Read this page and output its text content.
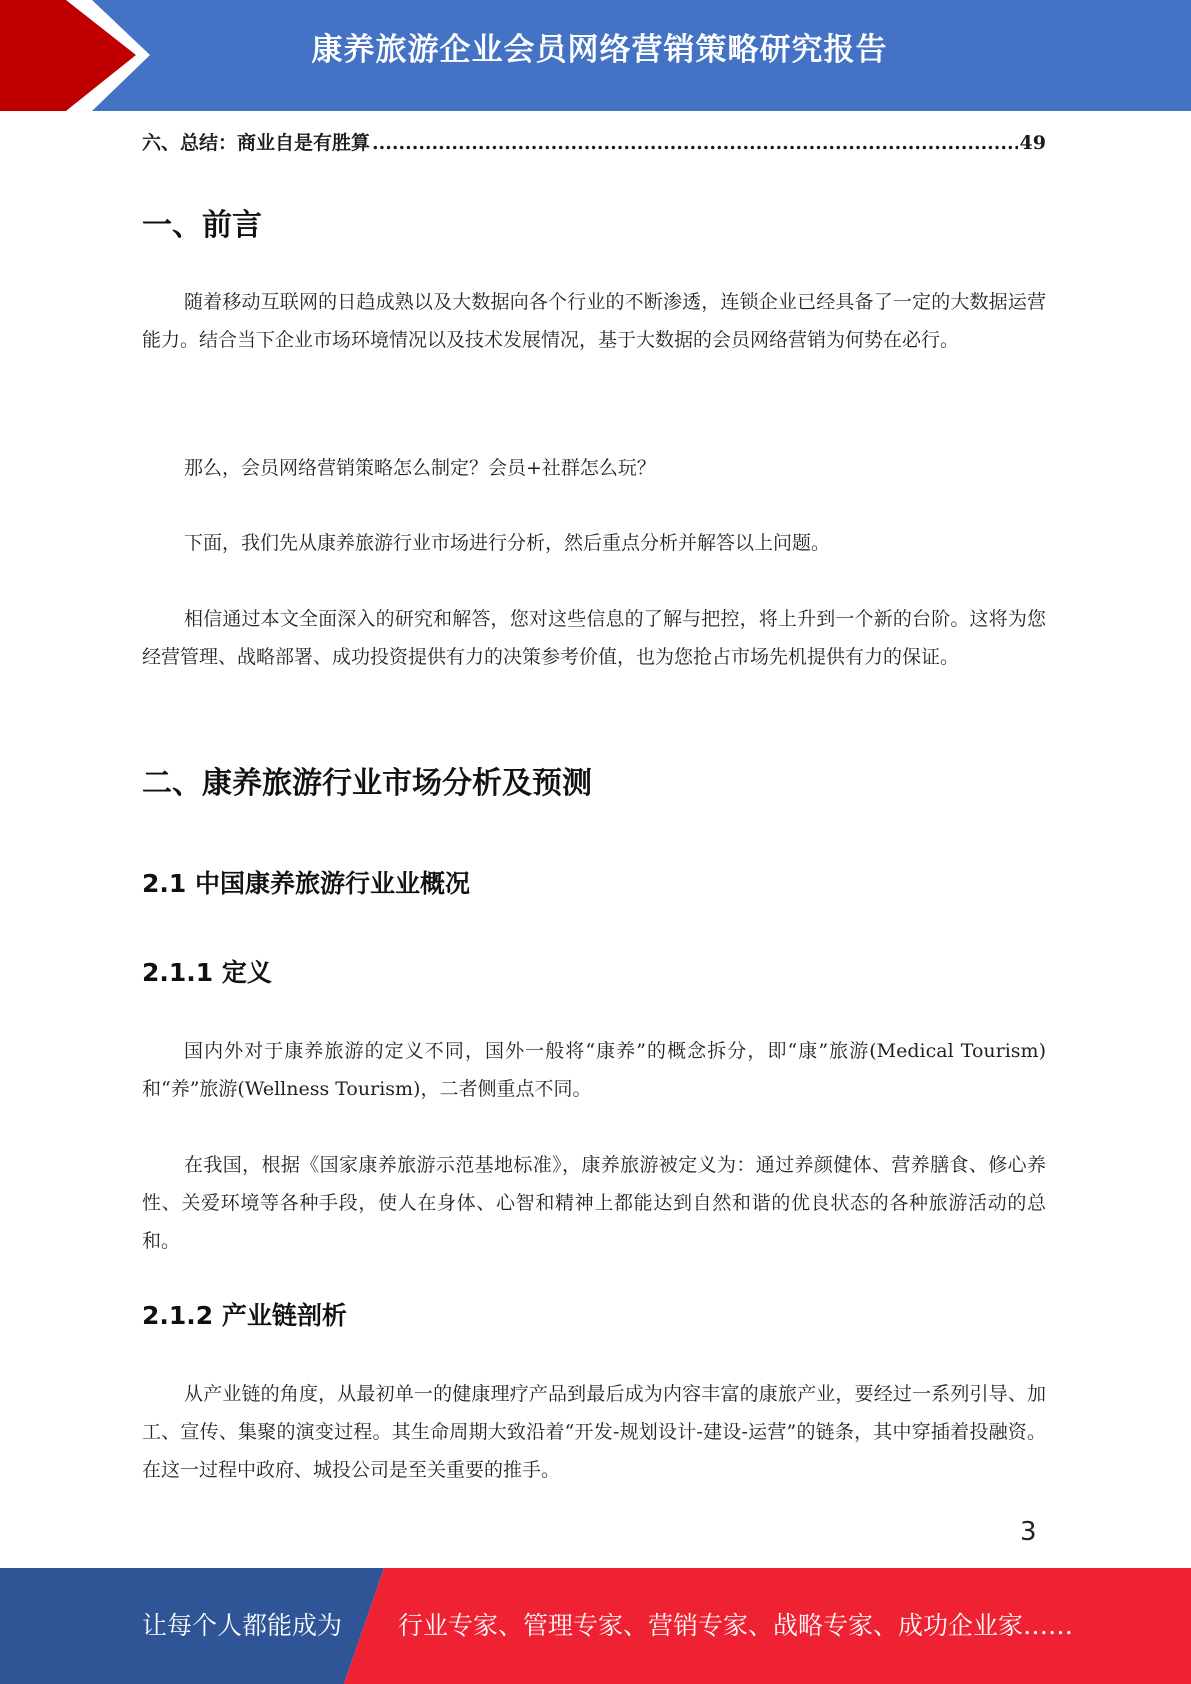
康养旅游企业会员网络营销策略研究报告
六、总结：商业自是有胜算
.....	49
一、前言

随着移动互联网的日趋成熟以及大数据向各个行业的不断渗透，连锁企业已经具备了一定的大数据运营能力。结合当下企业市场环境情况以及技术发展情况，基于大数据的会员网络营销为何势在必行。

那么，会员网络营销策略怎么制定？会员+社群怎么玩？

下面，我们先从康养旅游行业市场进行分析，然后重点分析并解答以上问题。

相信通过本文全面深入的研究和解答，您对这些信息的了解与把控，将上升到一个新的台阶。这将为您经营管理、战略部署、成功投资提供有力的决策参考价值，也为您抢占市场先机提供有力的保证。

二、康养旅游行业市场分析及预测
2.1 中国康养旅游行业业概况
2.1.1 定义

国内外对于康养旅游的定义不同，国外一般将“康养”的概念拆分，即“康”旅游(Medical Tourism)和“养”旅游(Wellness Tourism)，二者侧重点不同。

在我国，根据《国家康养旅游示范基地标准》，康养旅游被定义为：通过养颜健体、营养膳食、修心养性、关爱环境等各种手段，使人在身体、心智和精神上都能达到自然和谐的优良状态的各种旅游活动的总和。

2.1.2 产业链剖析

从产业链的角度，从最初单一的健康理疗产品到最后成为内容丰富的康旅产业，要经过一系列引导、加工、宣传、集聚的演变过程。其生命周期大致沿着“开发-规划设计-建设-运营”的链条，其中穿插着投融资。在这一过程中政府、城投公司是至关重要的推手。

3
让每个人都能成为 行业专家、管理专家、营销专家、战略专家、成功企业家……
